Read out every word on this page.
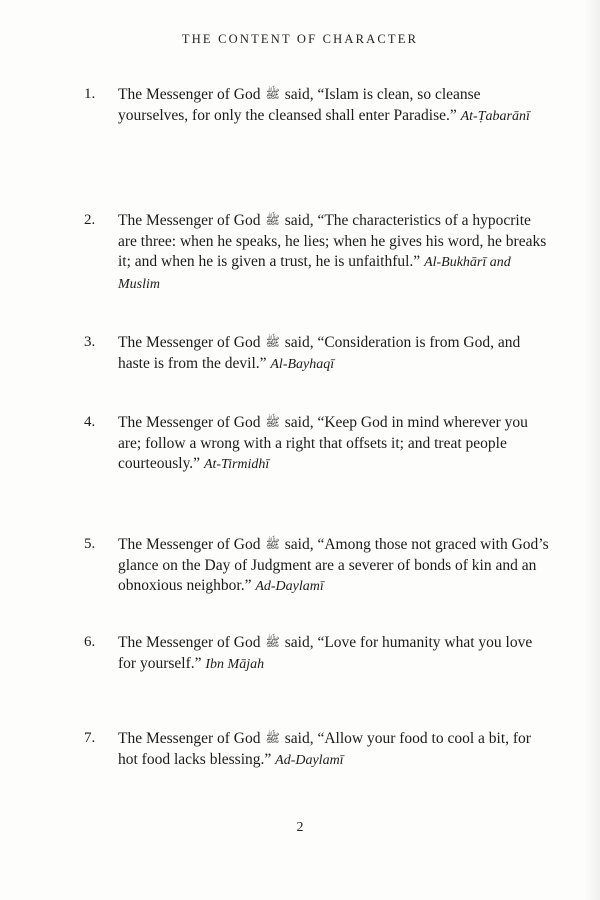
THE CONTENT OF CHARACTER
1.	The Messenger of God ﷺ said, “Islam is clean, so cleanse yourselves, for only the cleansed shall enter Paradise.” At-Ṭabarānī
2.	The Messenger of God ﷺ said, “The characteristics of a hypocrite are three: when he speaks, he lies; when he gives his word, he breaks it; and when he is given a trust, he is unfaithful.” Al-Bukhārī and Muslim
3.	The Messenger of God ﷺ said, “Consideration is from God, and haste is from the devil.” Al-Bayhaqī
4.	The Messenger of God ﷺ said, “Keep God in mind wherever you are; follow a wrong with a right that offsets it; and treat people courteously.” At-Tirmidhī
5.	The Messenger of God ﷺ said, “Among those not graced with God’s glance on the Day of Judgment are a severer of bonds of kin and an obnoxious neighbor.” Ad-Daylamī
6.	The Messenger of God ﷺ said, “Love for humanity what you love for yourself.” Ibn Mājah
7.	The Messenger of God ﷺ said, “Allow your food to cool a bit, for hot food lacks blessing.” Ad-Daylamī
2
